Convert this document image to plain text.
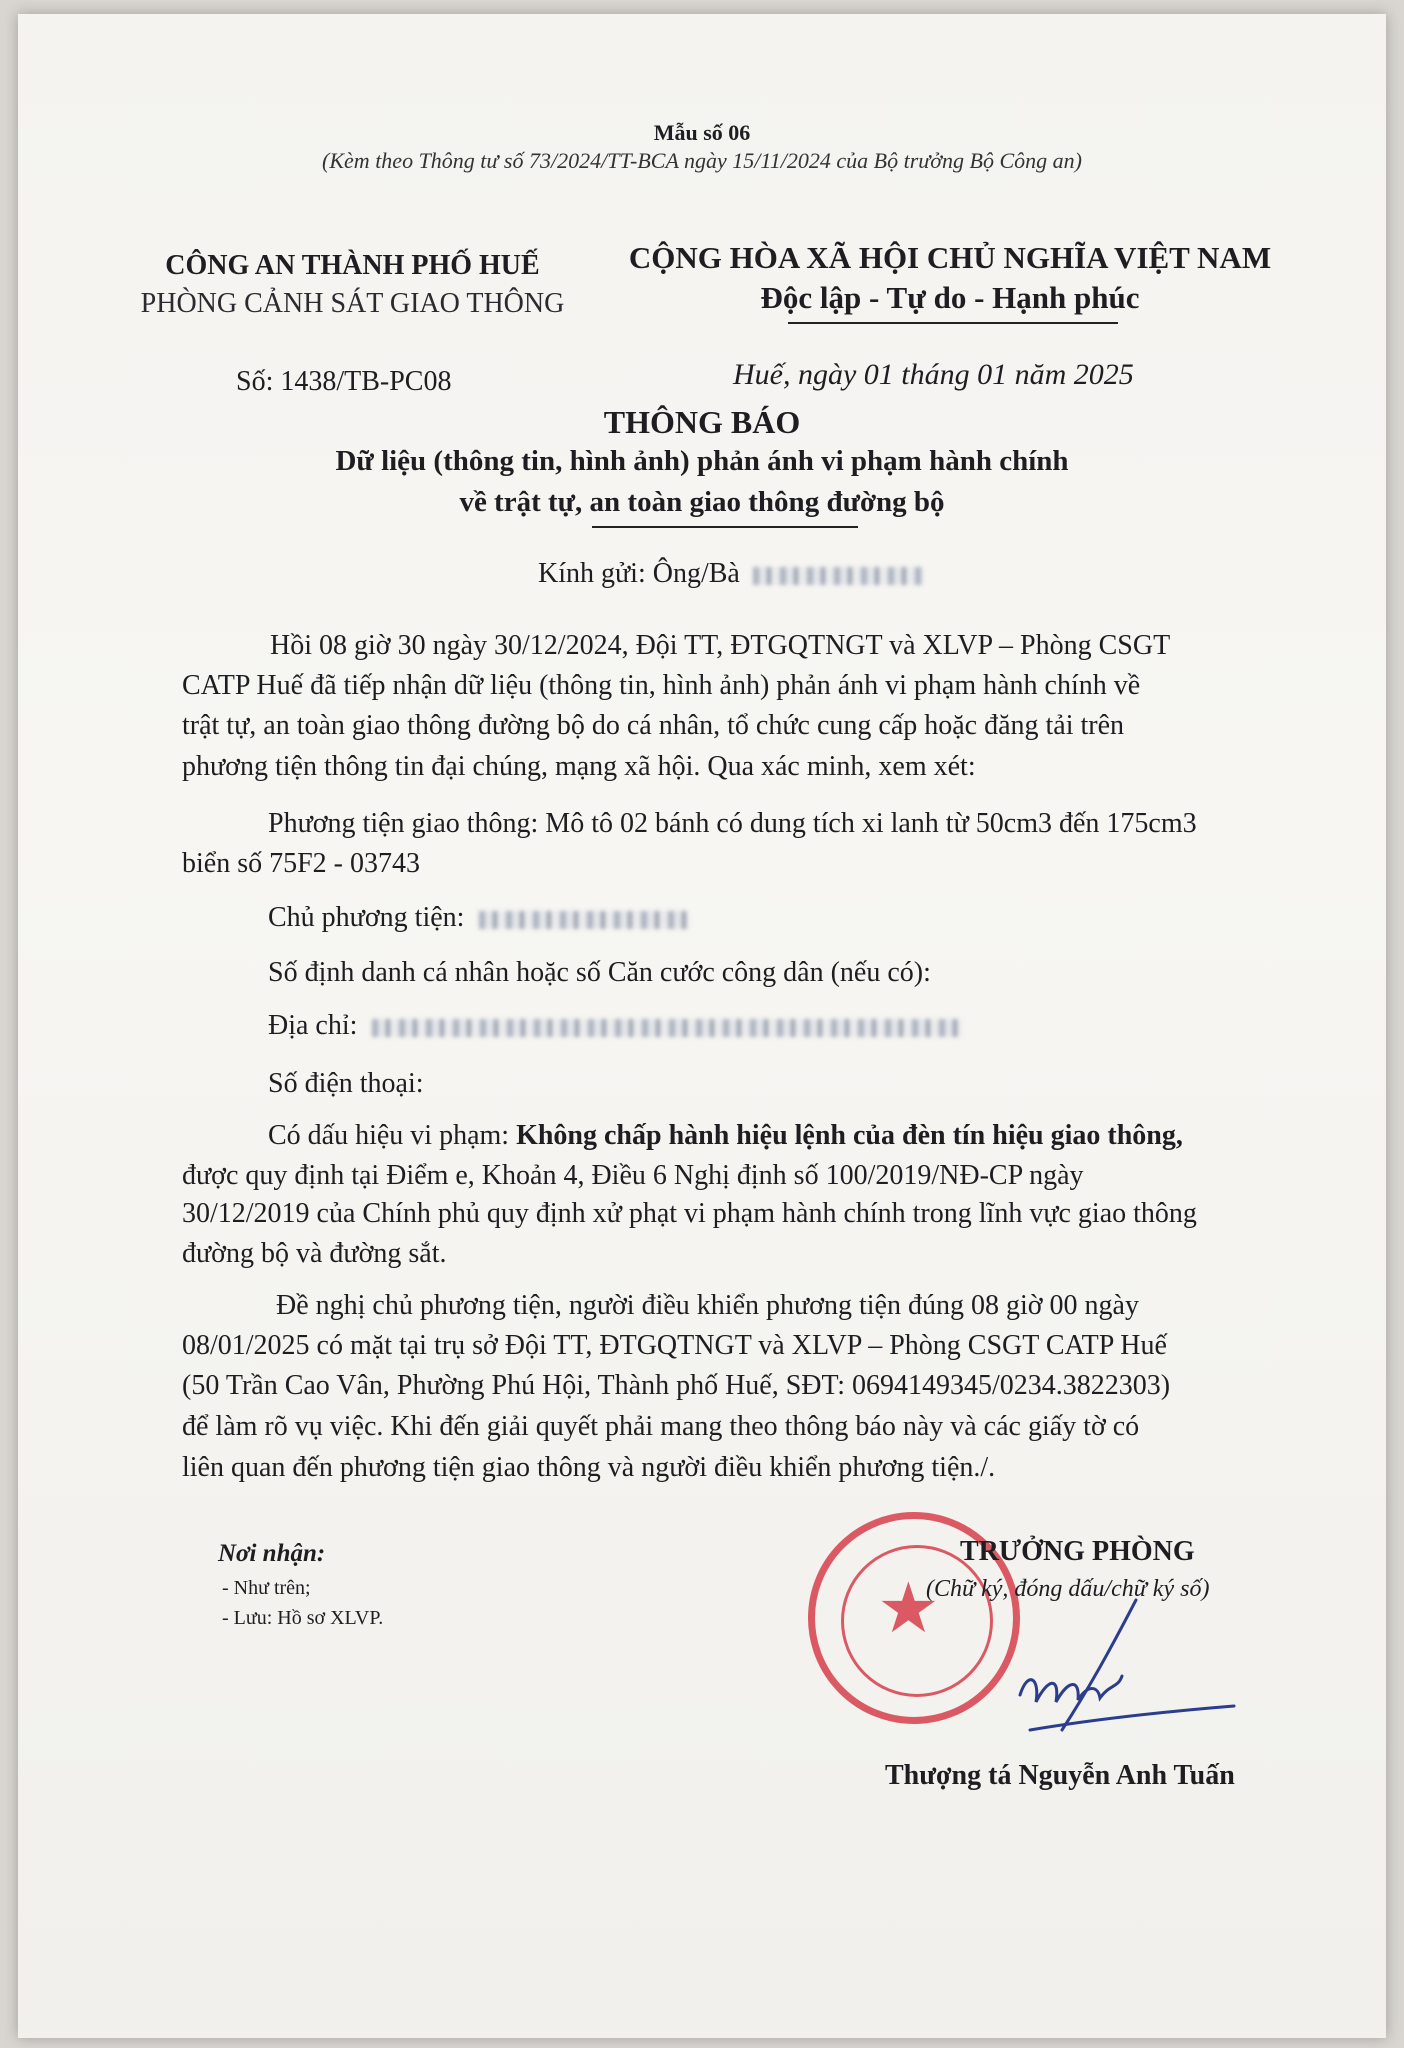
Mẫu số 06
(Kèm theo Thông tư số 73/2024/TT-BCA ngày 15/11/2024 của Bộ trưởng Bộ Công an)
CÔNG AN THÀNH PHỐ HUẾ
PHÒNG CẢNH SÁT GIAO THÔNG
CỘNG HÒA XÃ HỘI CHỦ NGHĨA VIỆT NAM
Độc lập - Tự do - Hạnh phúc
Số: 1438/TB-PC08	Huế, ngày 01 tháng 01 năm 2025
THÔNG BÁO
Dữ liệu (thông tin, hình ảnh) phản ánh vi phạm hành chính
về trật tự, an toàn giao thông đường bộ
Kính gửi: Ông/Bà
Hồi 08 giờ 30 ngày 30/12/2024, Đội TT, ĐTGQTNGT và XLVP – Phòng CSGT
CATP Huế đã tiếp nhận dữ liệu (thông tin, hình ảnh) phản ánh vi phạm hành chính về
trật tự, an toàn giao thông đường bộ do cá nhân, tổ chức cung cấp hoặc đăng tải trên
phương tiện thông tin đại chúng, mạng xã hội. Qua xác minh, xem xét:
Phương tiện giao thông: Mô tô 02 bánh có dung tích xi lanh từ 50cm3 đến 175cm3
biển số 75F2 - 03743
Chủ phương tiện:
Số định danh cá nhân hoặc số Căn cước công dân (nếu có):
Địa chỉ:
Số điện thoại:
Có dấu hiệu vi phạm: Không chấp hành hiệu lệnh của đèn tín hiệu giao thông,
được quy định tại Điểm e, Khoản 4, Điều 6 Nghị định số 100/2019/NĐ-CP ngày
30/12/2019 của Chính phủ quy định xử phạt vi phạm hành chính trong lĩnh vực giao thông
đường bộ và đường sắt.
Đề nghị chủ phương tiện, người điều khiển phương tiện đúng 08 giờ 00 ngày
08/01/2025 có mặt tại trụ sở Đội TT, ĐTGQTNGT và XLVP – Phòng CSGT CATP Huế
(50 Trần Cao Vân, Phường Phú Hội, Thành phố Huế, SĐT: 0694149345/0234.3822303)
để làm rõ vụ việc. Khi đến giải quyết phải mang theo thông báo này và các giấy tờ có
liên quan đến phương tiện giao thông và người điều khiển phương tiện./.
Nơi nhận:
- Như trên;
- Lưu: Hồ sơ XLVP.	★
TRƯỞNG PHÒNG
(Chữ ký, đóng dấu/chữ ký số)
Thượng tá Nguyễn Anh Tuấn
